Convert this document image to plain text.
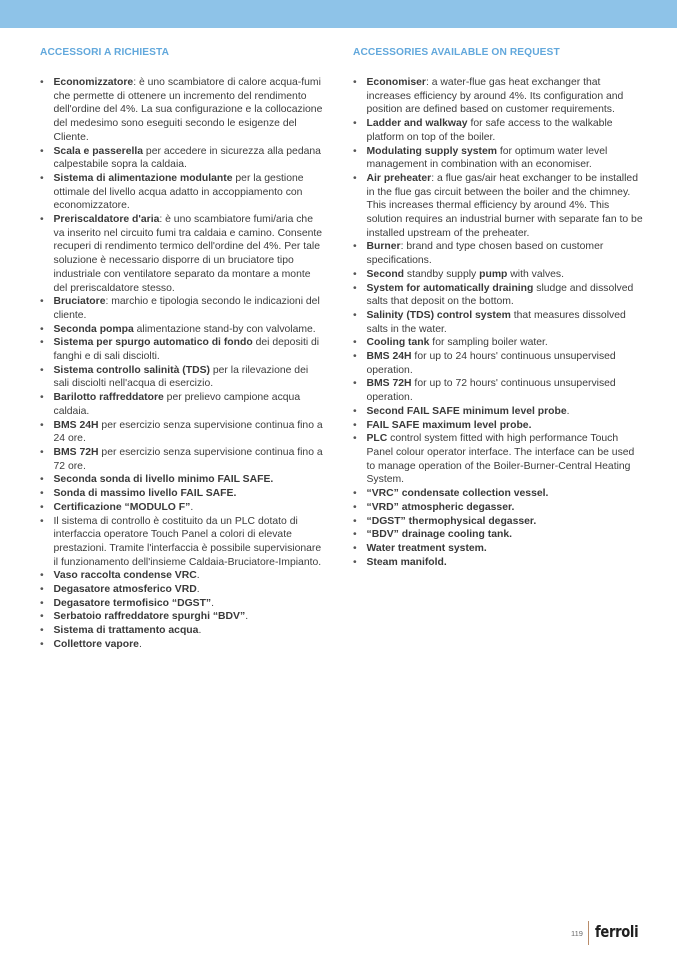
ACCESSORI A RICHIESTA
• Economizzatore: è uno scambiatore di calore acqua-fumi che permette di ottenere un incremento del rendimento dell'ordine del 4%. La sua configurazione e la collocazione del medesimo sono eseguiti secondo le esigenze del Cliente.
• Scala e passerella per accedere in sicurezza alla pedana calpestabile sopra la caldaia.
• Sistema di alimentazione modulante per la gestione ottimale del livello acqua adatto in accoppiamento con economizzatore.
• Preriscaldatore d'aria: è uno scambiatore fumi/aria che va inserito nel circuito fumi tra caldaia e camino. Consente recuperi di rendimento termico dell'ordine del 4%. Per tale soluzione è necessario disporre di un bruciatore tipo industriale con ventilatore separato da montare a monte del preriscaldatore stesso.
• Bruciatore: marchio e tipologia secondo le indicazioni del cliente.
• Seconda pompa alimentazione stand-by con valvolame.
• Sistema per spurgo automatico di fondo dei depositi di fanghi e di sali disciolti.
• Sistema controllo salinità (TDS) per la rilevazione dei sali disciolti nell'acqua di esercizio.
• Barilotto raffreddatore per prelievo campione acqua caldaia.
• BMS 24H per esercizio senza supervisione continua fino a 24 ore.
• BMS 72H per esercizio senza supervisione continua fino a 72 ore.
• Seconda sonda di livello minimo FAIL SAFE.
• Sonda di massimo livello FAIL SAFE.
• Certificazione “MODULO F”.
• Il sistema di controllo è costituito da un PLC dotato di interfaccia operatore Touch Panel a colori di elevate prestazioni. Tramite l'interfaccia è possibile supervisionare il funzionamento dell'insieme Caldaia-Bruciatore-Impianto.
• Vaso raccolta condense VRC.
• Degasatore atmosferico VRD.
• Degasatore termofisico “DGST”.
• Serbatoio raffreddatore spurghi “BDV”.
• Sistema di trattamento acqua.
• Collettore vapore.
ACCESSORIES AVAILABLE ON REQUEST
• Economiser: a water-flue gas heat exchanger that increases efficiency by around 4%. Its configuration and position are defined based on customer requirements.
• Ladder and walkway for safe access to the walkable platform on top of the boiler.
• Modulating supply system for optimum water level management in combination with an economiser.
• Air preheater: a flue gas/air heat exchanger to be installed in the flue gas circuit between the boiler and the chimney. This increases thermal efficiency by around 4%. This solution requires an industrial burner with separate fan to be installed upstream of the preheater.
• Burner: brand and type chosen based on customer specifications.
• Second standby supply pump with valves.
• System for automatically draining sludge and dissolved salts that deposit on the bottom.
• Salinity (TDS) control system that measures dissolved salts in the water.
• Cooling tank for sampling boiler water.
• BMS 24H for up to 24 hours' continuous unsupervised operation.
• BMS 72H for up to 72 hours' continuous unsupervised operation.
• Second FAIL SAFE minimum level probe.
• FAIL SAFE maximum level probe.
• PLC control system fitted with high performance Touch Panel colour operator interface. The interface can be used to manage operation of the Boiler-Burner-Central Heating System.
• “VRC” condensate collection vessel.
• “VRD” atmospheric degasser.
• “DGST” thermophysical degasser.
• “BDV” drainage cooling tank.
• Water treatment system.
• Steam manifold.
119 ferroli
